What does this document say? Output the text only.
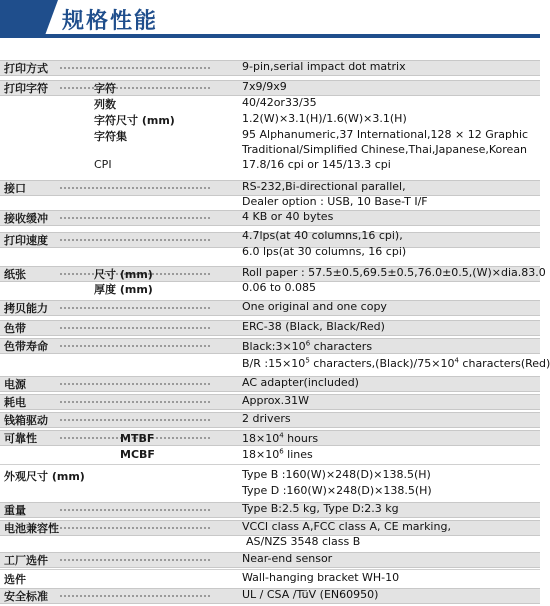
规格性能
打印方式	9-pin,serial impact dot matrix
打印字符	字符	7x9/9x9
列数	40/42or33/35
字符尺寸 (mm)	1.2(W)×3.1(H)/1.6(W)×3.1(H)
字符集	95 Alphanumeric,37 International,128 × 12 Graphic
Traditional/Simplified Chinese,Thai,Japanese,Korean
CPI	17.8/16 cpi or 145/13.3 cpi
接口	RS-232,Bi-directional parallel,
Dealer option : USB, 10 Base-T I/F
接收缓冲	4 KB or 40 bytes
打印速度	4.7lps(at 40 columns,16 cpi),
6.0 lps(at 30 columns, 16 cpi)
纸张	尺寸 (mm)	Roll paper : 57.5±0.5,69.5±0.5,76.0±0.5,(W)×dia.83.0
厚度 (mm)	0.06 to 0.085
拷贝能力	One original and one copy
色带	ERC-38 (Black, Black/Red)
色带寿命	$Black:3\times 10^6$ characters
B/R $:15\times 10^5$ $characters,(Black)/75\times 10^4$ characters(Red)
电源	AC adapter(included)
耗电	Approx.31W
钱箱驱动	2 drivers
可靠性	MTBF	$18\times 10^4$ hours
MCBF	$18\times 10^6$ lines
外观尺寸 (mm)	Type B :160(W)×248(D)×138.5(H)
Type D :160(W)×248(D)×138.5(H)
重量	Type B:2.5 kg, Type D:2.3 kg
电池兼容性	VCCI class A,FCC class A, CE marking,
AS/NZS 3548 class B
工厂选件	Near-end sensor
选件	Wall-hanging bracket WH-10
安全标准	UL / CSA /TüV (EN60950)
